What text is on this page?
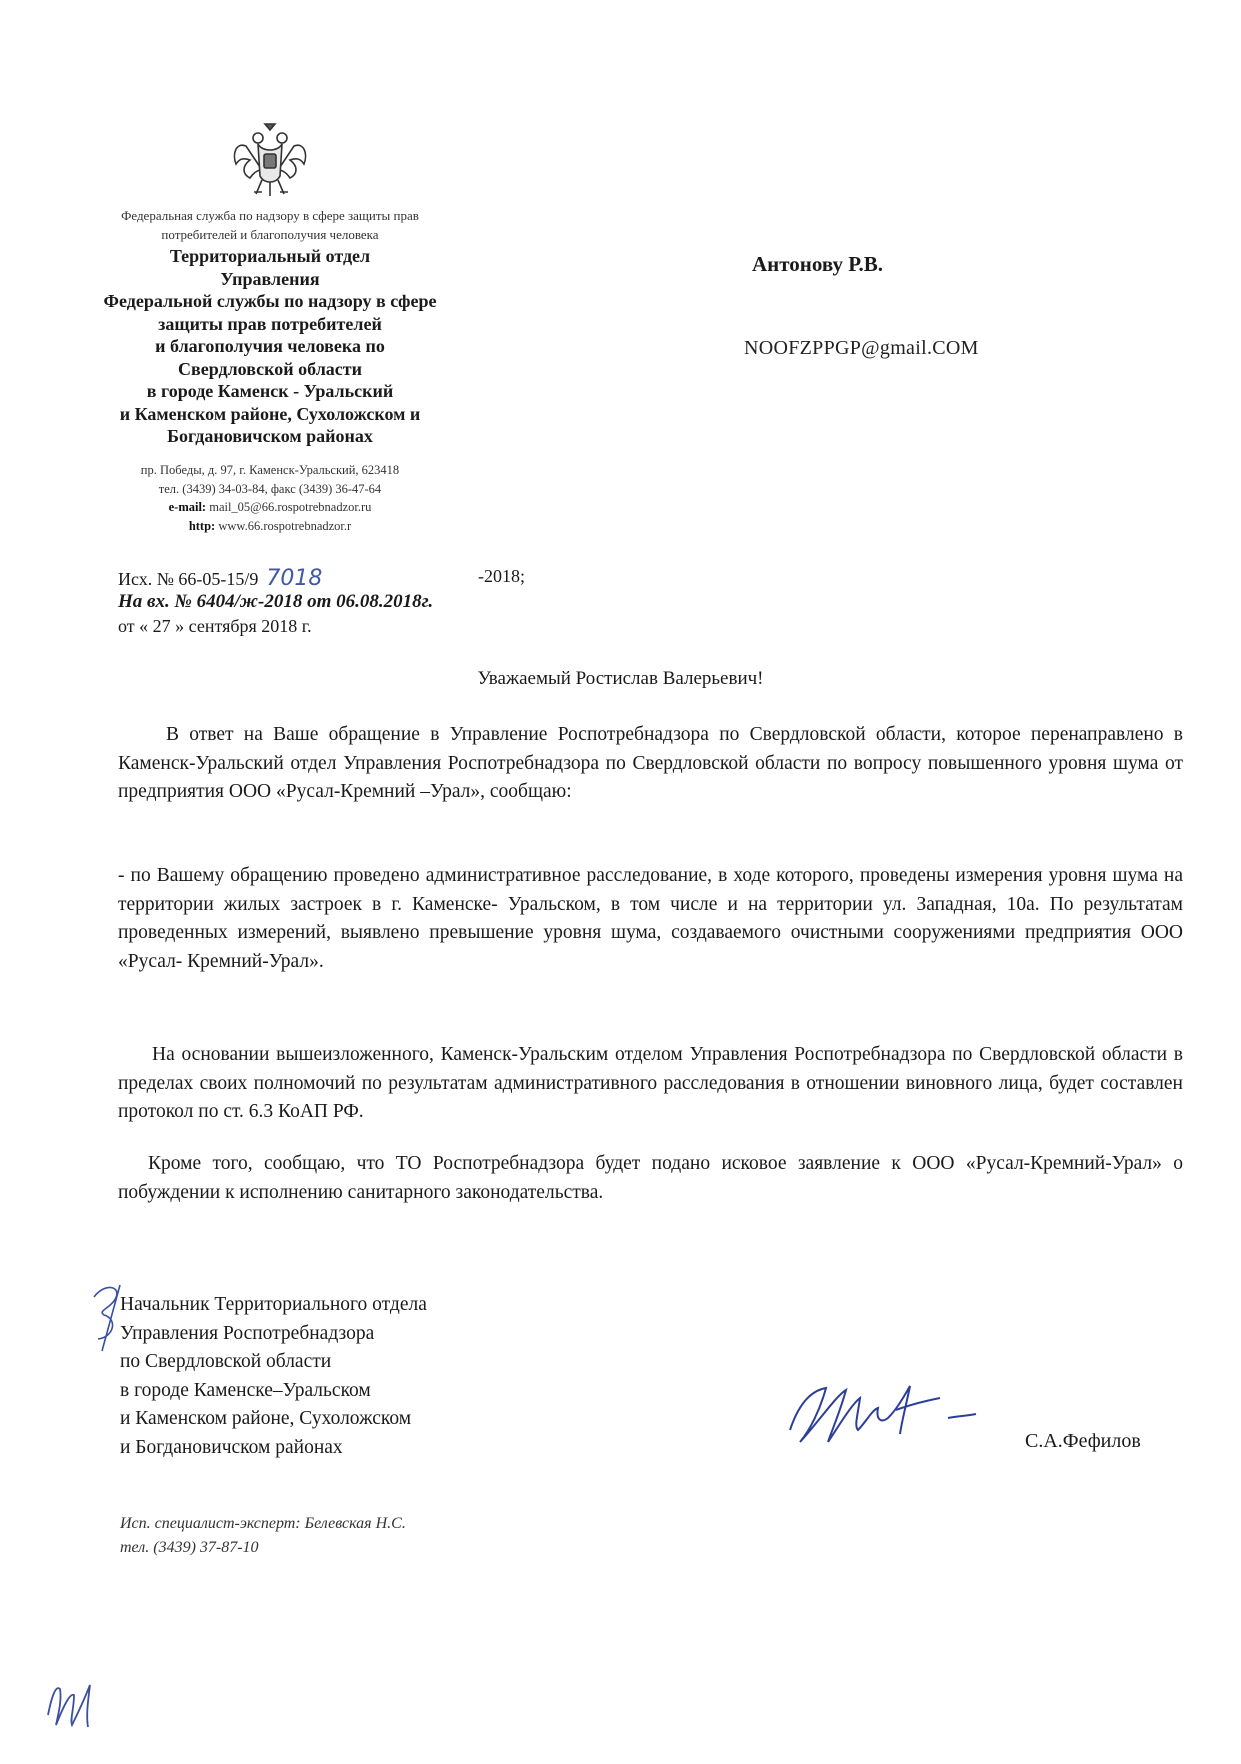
Федеральная служба по надзору в сфере защиты прав
потребителей и благополучия человека
Территориальный отдел
Управления
Федеральной службы по надзору в сфере
защиты прав потребителей
и благополучия человека по
Свердловской области
в городе Каменск - Уральский
и Каменском районе, Сухоложском и
Богдановичском районах
пр. Победы, д. 97, г. Каменск-Уральский, 623418
тел. (3439) 34-03-84, факс (3439) 36-47-64
e-mail: mail_05@66.rospotrebnadzor.ru
http: www.66.rospotrebnadzor.r
Исх. № 66-05-15/9 7018	-2018;
На вх. № 6404/ж-2018 от 06.08.2018г.
от « 27 » сентября 2018 г.
Антонову Р.В.
NOOFZPPGP@gmail.COM
Уважаемый Ростислав Валерьевич!
В ответ на Ваше обращение в Управление Роспотребнадзора по Свердловской области, которое перенаправлено в Каменск-Уральский отдел Управления Роспотребнадзора по Свердловской области по вопросу повышенного уровня шума от предприятия ООО «Русал-Кремний –Урал», сообщаю:
- по Вашему обращению проведено административное расследование, в ходе которого, проведены измерения уровня шума на территории жилых застроек в г. Каменске- Уральском, в том числе и на территории ул. Западная, 10а. По результатам проведенных измерений, выявлено превышение уровня шума, создаваемого очистными сооружениями предприятия ООО «Русал- Кремний-Урал».
На основании вышеизложенного, Каменск-Уральским отделом Управления Роспотребнадзора по Свердловской области в пределах своих полномочий по результатам административного расследования в отношении виновного лица, будет составлен протокол по ст. 6.3 КоАП РФ.
Кроме того, сообщаю, что ТО Роспотребнадзора будет подано исковое заявление к ООО «Русал-Кремний-Урал» о побуждении к исполнению санитарного законодательства.
Начальник Территориального отдела
Управления Роспотребнадзора
по Свердловской области
в городе Каменске–Уральском
и Каменском районе, Сухоложском
и Богдановичском районах	С.А.Фефилов
Исп. специалист-эксперт: Белевская Н.С.
тел. (3439) 37-87-10
